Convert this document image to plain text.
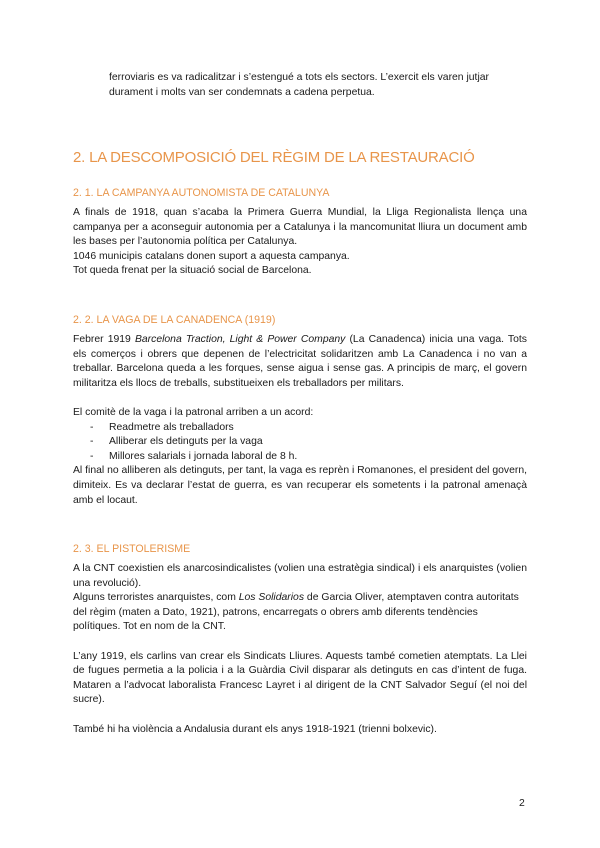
ferroviaris es va radicalitzar i s’estengué a tots els sectors. L’exercit els varen jutjar

durament i molts van ser condemnats a cadena perpetua.

2. LA DESCOMPOSICIÓ DEL RÈGIM DE LA RESTAURACIÓ
2. 1. LA CAMPANYA AUTONOMISTA DE CATALUNYA

A finals de 1918, quan s’acaba la Primera Guerra Mundial, la Lliga Regionalista llença una campanya per a aconseguir autonomia per a Catalunya i la mancomunitat lliura un document amb les bases per l’autonomia política per Catalunya.

1046 municipis catalans donen suport a aquesta campanya.

Tot queda frenat per la situació social de Barcelona.

2. 2. LA VAGA DE LA CANADENCA (1919)

Febrer 1919 Barcelona Traction, Light & Power Company (La Canadenca) inicia una vaga. Tots els comerços i obrers que depenen de l’electricitat solidaritzen amb La Canadenca i no van a treballar. Barcelona queda a les forques, sense aigua i sense gas. A principis de març, el govern militaritza els llocs de treballs, substitueixen els treballadors per militars.

El comitè de la vaga i la patronal arriben a un acord:

- Readmetre als treballadors
- Alliberar els detinguts per la vaga
- Millores salarials i jornada laboral de 8 h.

Al final no alliberen als detinguts, per tant, la vaga es reprèn i Romanones, el president del govern, dimiteix. Es va declarar l’estat de guerra, es van recuperar els sometents i la patronal amenaçà amb el locaut.

2. 3. EL PISTOLERISME

A la CNT coexistien els anarcosindicalistes (volien una estratègia sindical) i els anarquistes (volien una revolució).

Alguns terroristes anarquistes, com Los Solidarios de Garcia Oliver, atemptaven contra autoritats del règim (maten a Dato, 1921), patrons, encarregats o obrers amb diferents tendències polítiques. Tot en nom de la CNT.

L’any 1919, els carlins van crear els Sindicats Lliures. Aquests també cometien atemptats. La Llei de fugues permetia a la policia i a la Guàrdia Civil disparar als detinguts en cas d’intent de fuga. Mataren a l’advocat laboralista Francesc Layret i al dirigent de la CNT Salvador Seguí (el noi del sucre).

També hi ha violència a Andalusia durant els anys 1918-1921 (trienni bolxevic).

2
